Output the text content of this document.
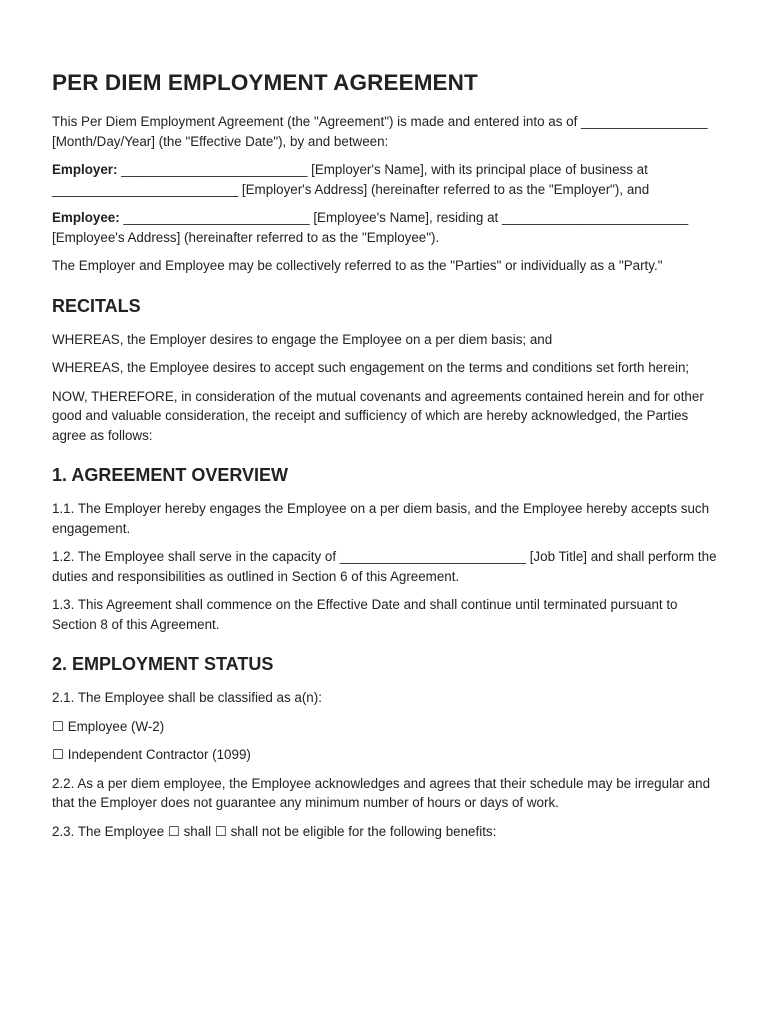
PER DIEM EMPLOYMENT AGREEMENT

This Per Diem Employment Agreement (the "Agreement") is made and entered into as of _________________ [Month/Day/Year] (the "Effective Date"), by and between:

Employer: _________________________ [Employer's Name], with its principal place of business at _________________________ [Employer's Address] (hereinafter referred to as the "Employer"), and

Employee: _________________________ [Employee's Name], residing at _________________________ [Employee's Address] (hereinafter referred to as the "Employee").

The Employer and Employee may be collectively referred to as the "Parties" or individually as a "Party."

RECITALS

WHEREAS, the Employer desires to engage the Employee on a per diem basis; and

WHEREAS, the Employee desires to accept such engagement on the terms and conditions set forth herein;

NOW, THEREFORE, in consideration of the mutual covenants and agreements contained herein and for other good and valuable consideration, the receipt and sufficiency of which are hereby acknowledged, the Parties agree as follows:

1. AGREEMENT OVERVIEW

1.1. The Employer hereby engages the Employee on a per diem basis, and the Employee hereby accepts such engagement.

1.2. The Employee shall serve in the capacity of _________________________ [Job Title] and shall perform the duties and responsibilities as outlined in Section 6 of this Agreement.

1.3. This Agreement shall commence on the Effective Date and shall continue until terminated pursuant to Section 8 of this Agreement.

2. EMPLOYMENT STATUS

2.1. The Employee shall be classified as a(n):

☐ Employee (W-2)

☐ Independent Contractor (1099)

2.2. As a per diem employee, the Employee acknowledges and agrees that their schedule may be irregular and that the Employer does not guarantee any minimum number of hours or days of work.

2.3. The Employee ☐ shall ☐ shall not be eligible for the following benefits:
